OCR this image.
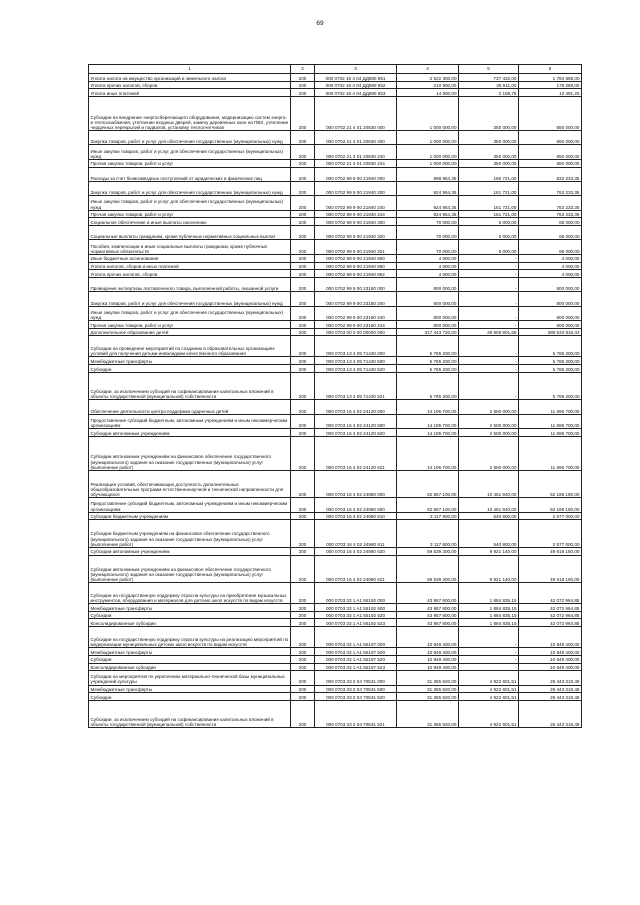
69
1	2	3	4	5	6
Уплата налога на имущество организаций и земельного налога	200	000 0702 16 4 04 ДД590 851	2 522 300,00	737 432,00	1 784 868,00
Уплата прочих налогов, сборов	200	000 0702 16 4 04 ДД590 852	210 900,00	35 611,00	175 289,00
Уплата иных платежей	200	000 0702 16 4 04 ДД590 853	14 600,00	2 108,75	12 491,25
Субсидии на внедрение энергосберегающего оборудования, модернизацию систем энерго- и теплоснабжения, утепление входных дверей, замену деревянных окон на ПВХ, утепление чердачных перекрытий и подвалов, установку теплосчетчиков	200	000 0702 21 4 01 20830 000	1 000 000,00	350 000,00	650 000,00
Закупка товаров, работ и услуг для обеспечения государственных (муниципальных) нужд	200	000 0702 21 4 01 20830 200	1 000 000,00	350 000,00	650 000,00
Иные закупки товаров, работ и услуг для обеспечения государственных (муниципальных) нужд	200	000 0702 21 4 01 20830 240	1 000 000,00	350 000,00	650 000,00
Прочая закупка товаров, работ и услуг	200	000 0702 21 4 01 20830 244	1 000 000,00	350 000,00	650 000,00
Расходы за счет безвозмездных поступлений от юридических и физических лиц	200	000 0702 99 9 00 21940 000	998 954,35	166 721,00	832 233,35
Закупка товаров, работ и услуг для обеспечения государственных (муниципальных) нужд	200	000 0702 99 9 00 21940 200	924 954,35	161 721,00	763 233,35
Иные закупки товаров, работ и услуг для обеспечения государственных (муниципальных) нужд	200	000 0702 99 9 00 21940 240	924 954,35	161 721,00	763 233,35
Прочая закупка товаров, работ и услуг	200	000 0702 99 9 00 21940 244	924 954,35	161 721,00	763 233,35
Социальное обеспечение и иные выплаты населению	200	000 0702 99 9 00 21940 300	70 000,00	5 000,00	65 000,00
Социальные выплаты гражданам, кроме публичных нормативных социальных выплат	200	000 0702 99 9 00 21940 320	70 000,00	5 000,00	65 000,00
Пособия, компенсации и иные социальные выплаты гражданам, кроме публичных нормативных обязательств	200	000 0702 99 9 00 21940 321	70 000,00	5 000,00	65 000,00
Иные бюджетные ассигнования	200	000 0702 99 9 00 21940 800	4 000,00	-	4 000,00
Уплата налогов, сборов и иных платежей	200	000 0702 99 9 00 21940 850	4 000,00	-	4 000,00
Уплата прочих налогов, сборов	200	000 0702 99 9 00 21940 852	4 000,00	-	4 000,00
Проведение экспертизы поставленного товара, выполненной работы, оказанной услуги	200	000 0702 99 9 00 23180 000	800 000,00	-	800 000,00
Закупка товаров, работ и услуг для обеспечения государственных (муниципальных) нужд	200	000 0702 99 9 00 23180 200	800 000,00	-	800 000,00
Иные закупки товаров, работ и услуг для обеспечения государственных (муниципальных) нужд	200	000 0702 99 9 00 23180 240	800 000,00	-	800 000,00
Прочая закупка товаров, работ и услуг	200	000 0702 99 9 00 23180 244	800 000,00	-	800 000,00
Дополнительное образование детей	200	000 0703 00 0 00 00000 000	317 443 720,00	28 909 901,66	288 533 818,34
Субсидии на проведение мероприятий по созданию в образовательных организациях условий для получения детьми-инвалидами качественного образования	200	000 0703 13 4 05 71430 000	5 785 200,00	-	5 785 200,00
Межбюджетные трансферты	200	000 0703 13 4 05 71430 500	5 785 200,00	-	5 785 200,00
Субсидии	200	000 0703 13 4 05 71430 520	5 785 200,00	-	5 785 200,00
Субсидии, за исключением субсидий на софинансирование капитальных вложений в объекты государственной (муниципальной) собственности	200	000 0703 13 4 05 71430 521	5 785 200,00	-	5 785 200,00
Обеспечение деятельности центра поддержки одаренных детей	200	000 0703 16 4 02 24120 000	14 195 700,00	2 500 000,00	11 695 700,00
Предоставление субсидий бюджетным, автономным учреждениям и иным некоммерческим организациям	200	000 0703 16 4 02 24120 600	14 195 700,00	2 500 000,00	11 695 700,00
Субсидии автономным учреждениям	200	000 0703 16 4 02 24120 620	14 195 700,00	2 500 000,00	11 695 700,00
Субсидии автономным учреждениям на финансовое обеспечение государственного (муниципального) задания на оказание государственных (муниципальных) услуг (выполнение работ)	200	000 0703 16 4 02 24120 621	14 195 700,00	2 500 000,00	11 695 700,00
Реализация условий, обеспечивающих доступность дополнительных общеобразовательных программ естественнонаучной и технической направленности для обучающихся	200	000 0703 16 4 02 24980 000	62 657 100,00	10 461 940,00	52 195 160,00
Предоставление субсидий бюджетным, автономным учреждениям и иным некоммерческим организациям	200	000 0703 16 4 02 24980 600	62 657 100,00	10 461 940,00	52 195 160,00
Субсидии бюджетным учреждениям	200	000 0703 16 4 02 24980 610	3 117 800,00	540 600,00	2 577 000,00
Субсидии бюджетным учреждениям на финансовое обеспечение государственного (муниципального) задания на оказание государственных (муниципальных) услуг (выполнение работ)	200	000 0703 16 4 02 24980 611	3 117 800,00	540 800,00	2 577 000,00
Субсидии автономным учреждениям	200	000 0703 16 4 02 24980 620	59 539 300,00	9 921 140,00	49 618 160,00
Субсидии автономным учреждениям на финансовое обеспечение государственного (муниципального) задания на оказание государственных (муниципальных) услуг (выполнение работ)	200	000 0703 16 4 02 24980 621	59 539 300,00	9 921 140,00	49 618 160,00
Субсидии на государственную поддержку отрасли культуры на приобретение музыкальных инструментов, оборудования и материалов для детских школ искусств по видам искусств	200	000 0703 33 1 A1 55192 000	43 957 800,00	1 884 835,15	42 072 964,85
Межбюджетные трансферты	200	000 0703 33 1 A1 55192 500	43 957 800,00	1 884 835,15	42 072 964,85
Субсидии	200	000 0703 33 1 A1 55192 520	43 957 800,00	1 884 835,15	42 072 964,85
Консолидированные субсидии	200	000 0703 33 1 A1 55192 523	43 957 800,00	1 884 835,15	42 072 964,85
Субсидии на государственную поддержку отрасли культуры на реализацию мероприятий по модернизации муниципальных детских школ искусств по видам искусств	200	000 0703 33 1 A1 55197 000	10 949 400,00	-	10 949 400,00
Межбюджетные трансферты	200	000 0703 33 1 A1 55197 500	10 949 400,00	-	10 949 400,00
Субсидии	200	000 0703 33 1 A1 55197 520	10 949 400,00	-	10 949 400,00
Консолидированные субсидии	200	000 0703 33 1 A1 55197 523	10 949 400,00	-	10 949 400,00
Субсидии на мероприятия по укреплению материально-технической базы муниципальных учреждений культуры	200	000 0703 33 2 04 70531 000	31 365 920,00	4 922 601,51	26 443 318,49
Межбюджетные трансферты	200	000 0703 33 2 04 70531 500	31 365 920,00	4 922 601,51	26 443 318,49
Субсидии	200	000 0703 33 2 04 70531 520	31 365 920,00	4 922 601,51	26 443 318,49
Субсидии, за исключением субсидий на софинансирование капитальных вложений в объекты государственной (муниципальной) собственности	200	000 0703 33 2 04 70531 521	31 365 920,00	4 922 601,51	26 443 318,49
